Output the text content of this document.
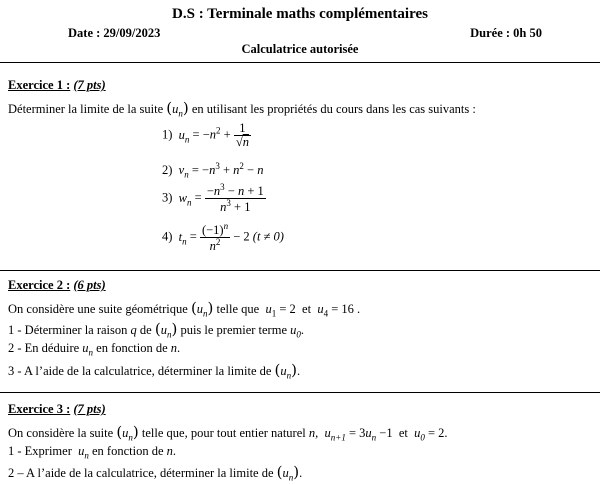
D.S : Terminale maths complémentaires
Date : 29/09/2023	Durée : 0h 50
Calculatrice autorisée
Exercice 1 : (7 pts)
Déterminer la limite de la suite $(u_n)$ en utilisant les propriétés du cours dans les cas suivants :
1) $u_n = -n^2 + \frac{1}{√n}$
2) $v_n = -n^3 + n^2 - n$
3) $w_n = \frac{-n^3 - n + 1}{n^3 + 1}$
4) $t_n = \frac{(-1)^n}{n^2} - 2$ (t ≠ 0)
Exercice 2 : (6 pts)
On considère une suite géométrique $(u_n)$ telle que $u_1 = 2$  et $u_4 = 16$ .
1 - Déterminer la raison q de $(u_n)$ puis le premier terme $u_0$.
2 - En déduire $u_n$ en fonction de n.
3 - A l’aide de la calculatrice, déterminer la limite de $(u_n)$.
Exercice 3 : (7 pts)
On considère la suite $(u_n)$ telle que, pour tout entier naturel n, $u_{n+1} = 3u_n -1$  et $u_0 = 2$.
1 - Exprimer $u_n$ en fonction de n.
2 – A l’aide de la calculatrice, déterminer la limite de $(u_n)$.
